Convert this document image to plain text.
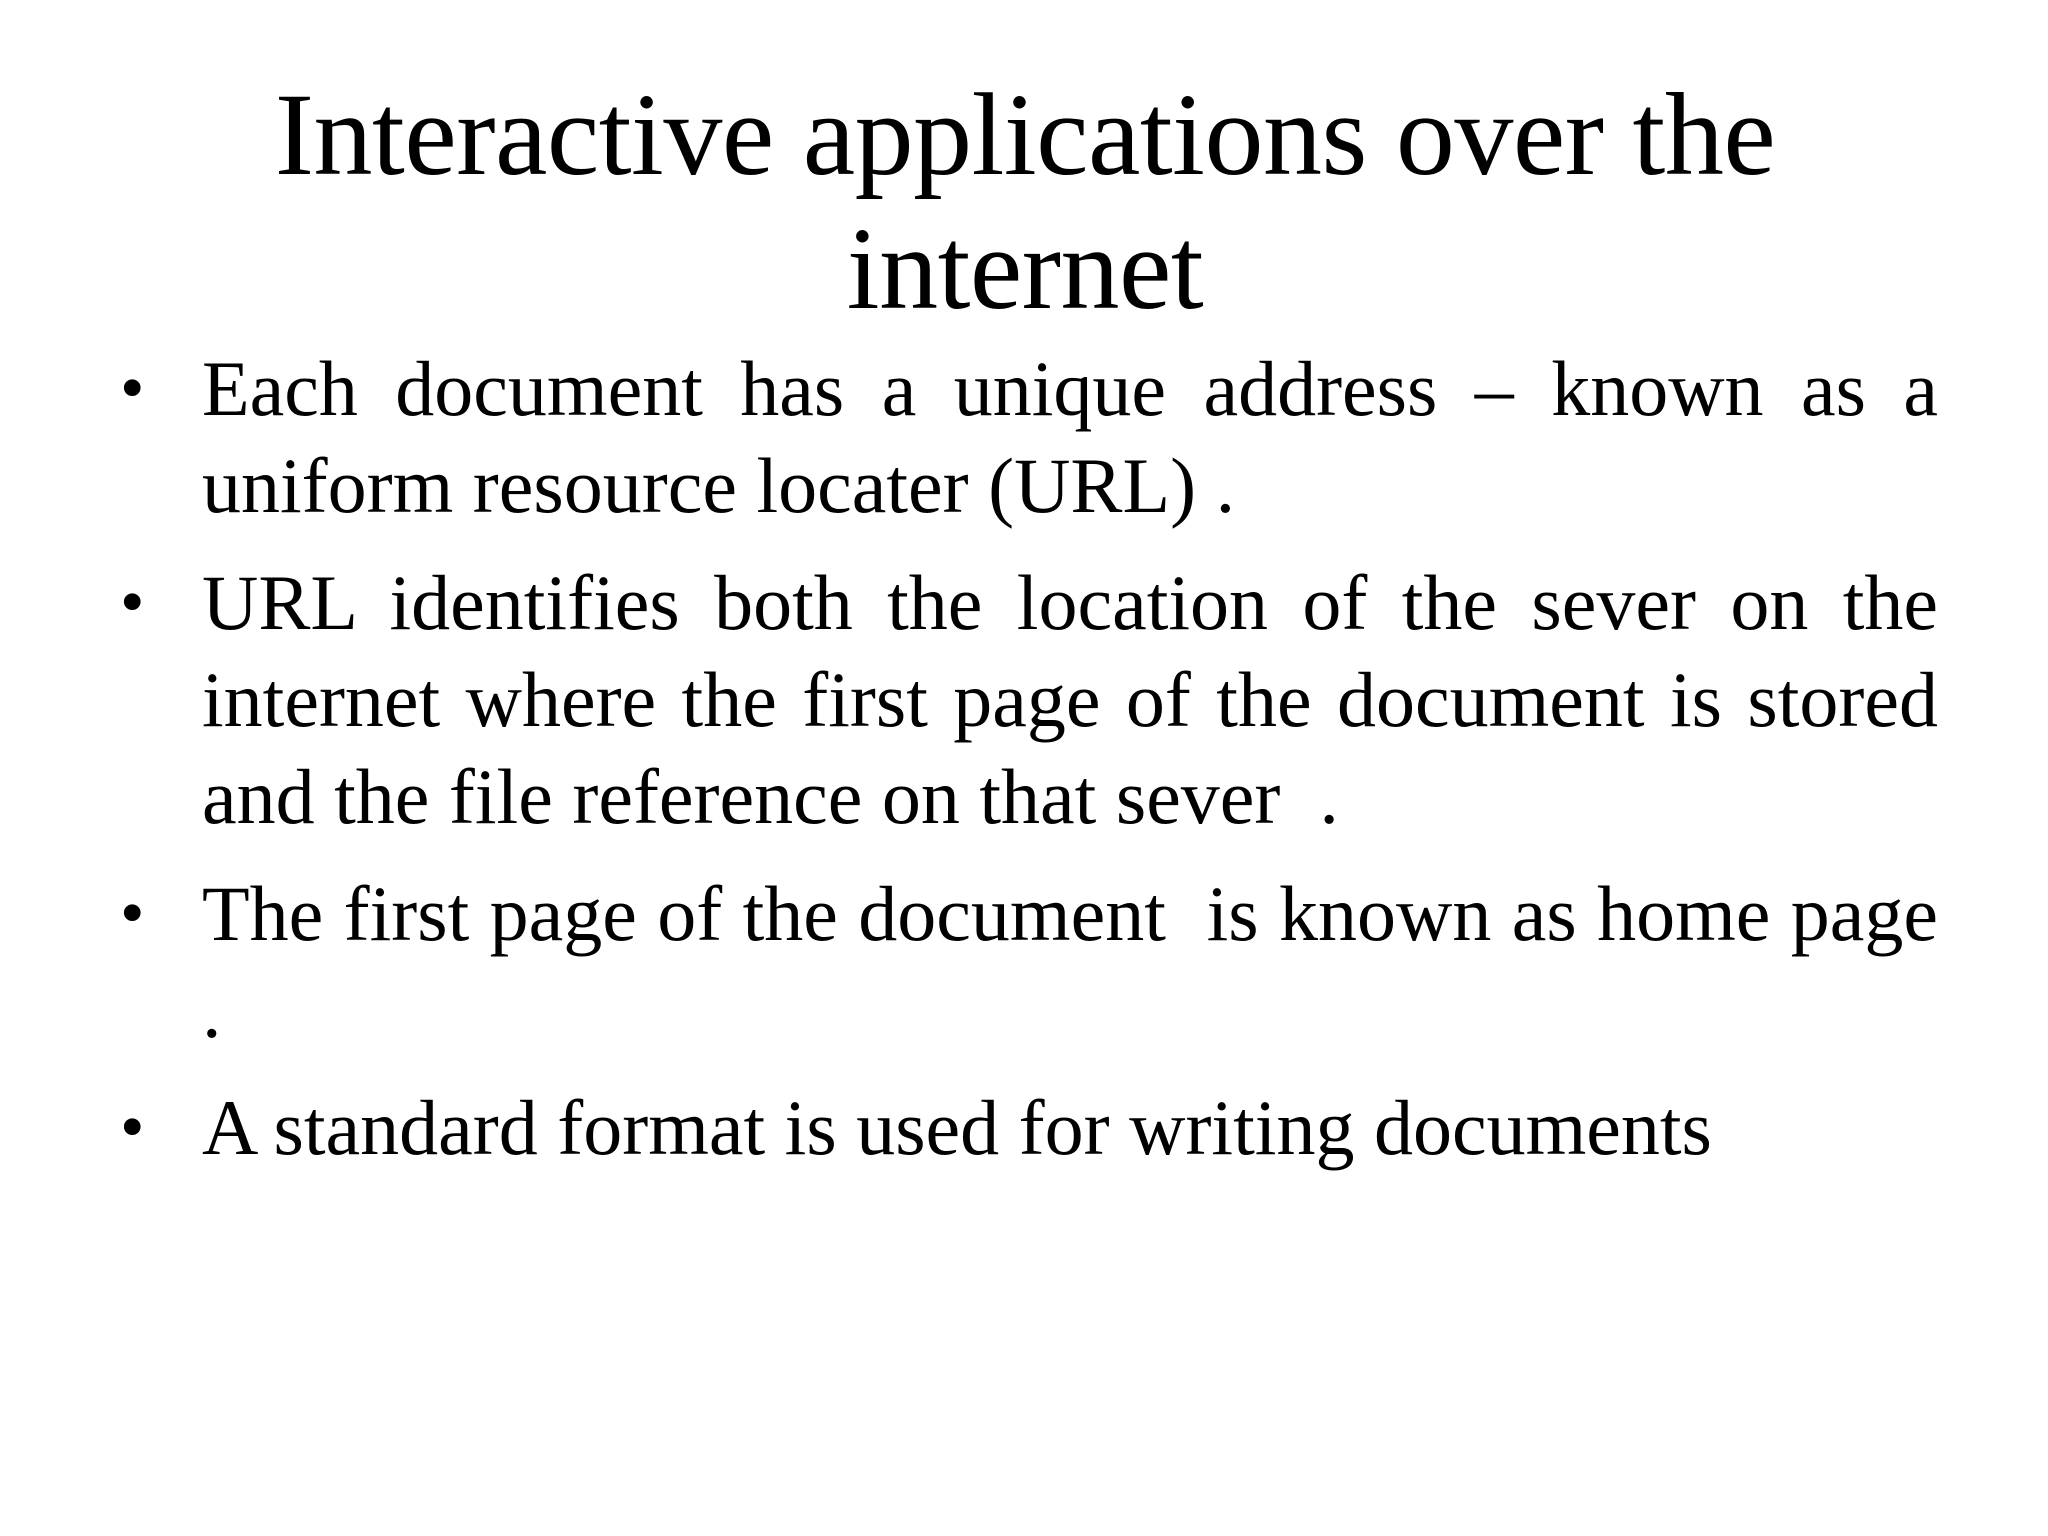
Interactive applications over the internet
• Each document has a unique address – known as a uniform resource locater (URL) .
• URL identifies both the location of the sever on the internet where the first page of the document is stored and the file reference on that sever  .
• The first page of the document  is known as home page .
• A standard format is used for writing documents
